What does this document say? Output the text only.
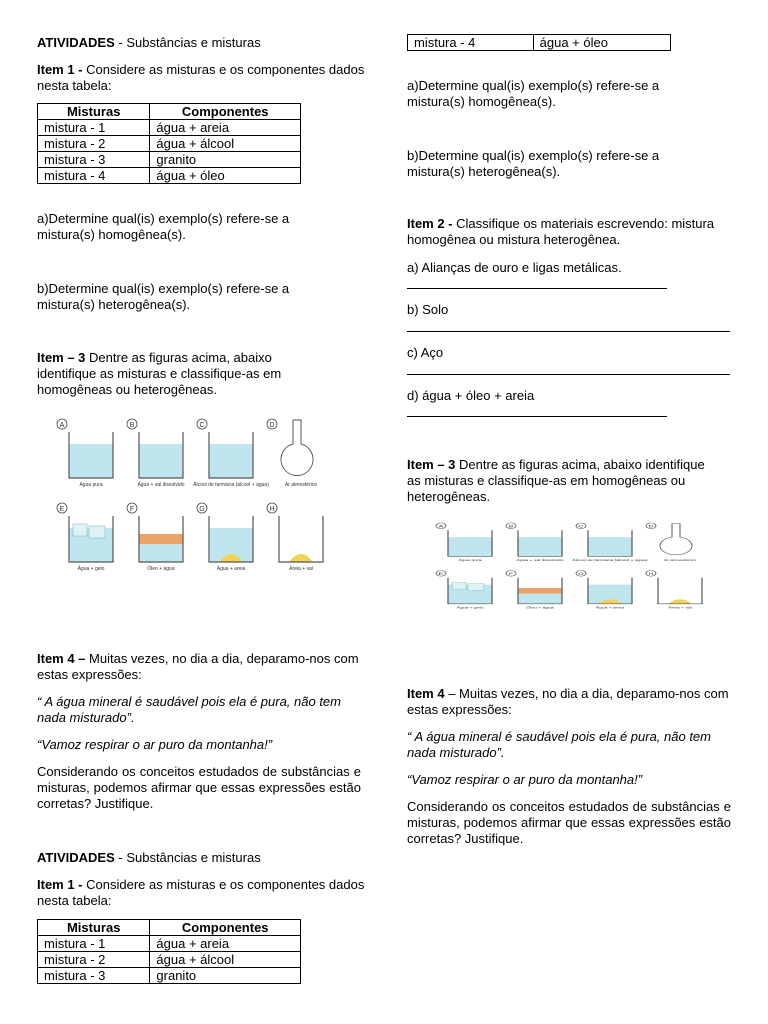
ATIVIDADES - Substâncias e misturas
Item 1 - Considere as misturas e os componentes dados nesta tabela:
Misturas	Componentes
mistura - 1	água + areia
mistura - 2	água + álcool
mistura - 3	granito
mistura - 4	água + óleo
a)Determine qual(is) exemplo(s) refere-se a mistura(s) homogênea(s).
b)Determine qual(is) exemplo(s) refere-se a mistura(s) heterogênea(s).
Item – 3 Dentre as figuras acima, abaixo identifique as misturas e classifique-as em homogêneas ou heterogêneas.
A
Água pura
B
Água + sal dissolvido
C
Álcool de farmácia (álcool + água)
D
Ar atmosférico
E
Água + gelo
F
Óleo + água
G
Água + areia
H
Areia + sal
Item 4 – Muitas vezes, no dia a dia, deparamo-nos com estas expressões:
“ A água mineral é saudável pois ela é pura, não tem nada misturado”.
“Vamoz respirar o ar puro da montanha!”
Considerando os conceitos estudados de substâncias e misturas, podemos afirmar que essas expressões estão corretas? Justifique.
ATIVIDADES - Substâncias e misturas
Item 1 - Considere as misturas e os componentes dados nesta tabela:
Misturas	Componentes
mistura - 1	água + areia
mistura - 2	água + álcool
mistura - 3	granito
mistura - 4	água + óleo
a)Determine qual(is) exemplo(s) refere-se a mistura(s) homogênea(s).
b)Determine qual(is) exemplo(s) refere-se a mistura(s) heterogênea(s).
Item 2 - Classifique os materiais escrevendo: mistura homogênea ou mistura heterogênea.
a) Alianças de ouro e ligas metálicas.
b) Solo
c) Aço
d) água + óleo + areia
Item – 3 Dentre as figuras acima, abaixo identifique as misturas e classifique-as em homogêneas ou heterogêneas.
A
Água pura
B
Água + sal dissolvido
C
Álcool de farmácia (álcool + água)
D
Ar atmosférico
E
Água + gelo
F
Óleo + água
G
Água + areia
H
Areia + sal
Item 4 – Muitas vezes, no dia a dia, deparamo-nos com estas expressões:
“ A água mineral é saudável pois ela é pura, não tem nada misturado”.
“Vamoz respirar o ar puro da montanha!”
Considerando os conceitos estudados de substâncias e misturas, podemos afirmar que essas expressões estão corretas? Justifique.
